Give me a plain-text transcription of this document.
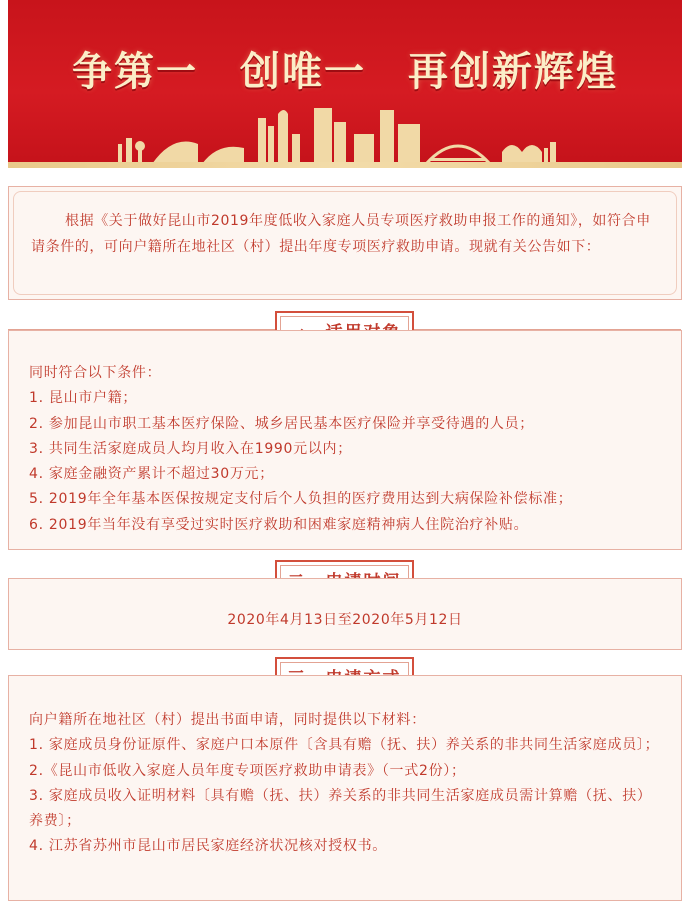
争第一　创唯一　再创新辉煌

根据《关于做好昆山市2019年度低收入家庭人员专项医疗救助申报工作的通知》，如符合申请条件的，可向户籍所在地社区（村）提出年度专项医疗救助申请。现就有关公告如下：

同时符合以下条件：
1. 昆山市户籍；
2. 参加昆山市职工基本医疗保险、城乡居民基本医疗保险并享受待遇的人员；
3. 共同生活家庭成员人均月收入在1990元以内；
4. 家庭金融资产累计不超过30万元；
5. 2019年全年基本医保按规定支付后个人负担的医疗费用达到大病保险补偿标准；
6. 2019年当年没有享受过实时医疗救助和困难家庭精神病人住院治疗补贴。
2020年4月13日至2020年5月12日
向户籍所在地社区（村）提出书面申请，同时提供以下材料：
1. 家庭成员身份证原件、家庭户口本原件〔含具有赡（抚、扶）养关系的非共同生活家庭成员〕；
2.《昆山市低收入家庭人员年度专项医疗救助申请表》（一式2份）；
3. 家庭成员收入证明材料〔具有赡（抚、扶）养关系的非共同生活家庭成员需计算赡（抚、扶）养费〕；
4. 江苏省苏州市昆山市居民家庭经济状况核对授权书。
